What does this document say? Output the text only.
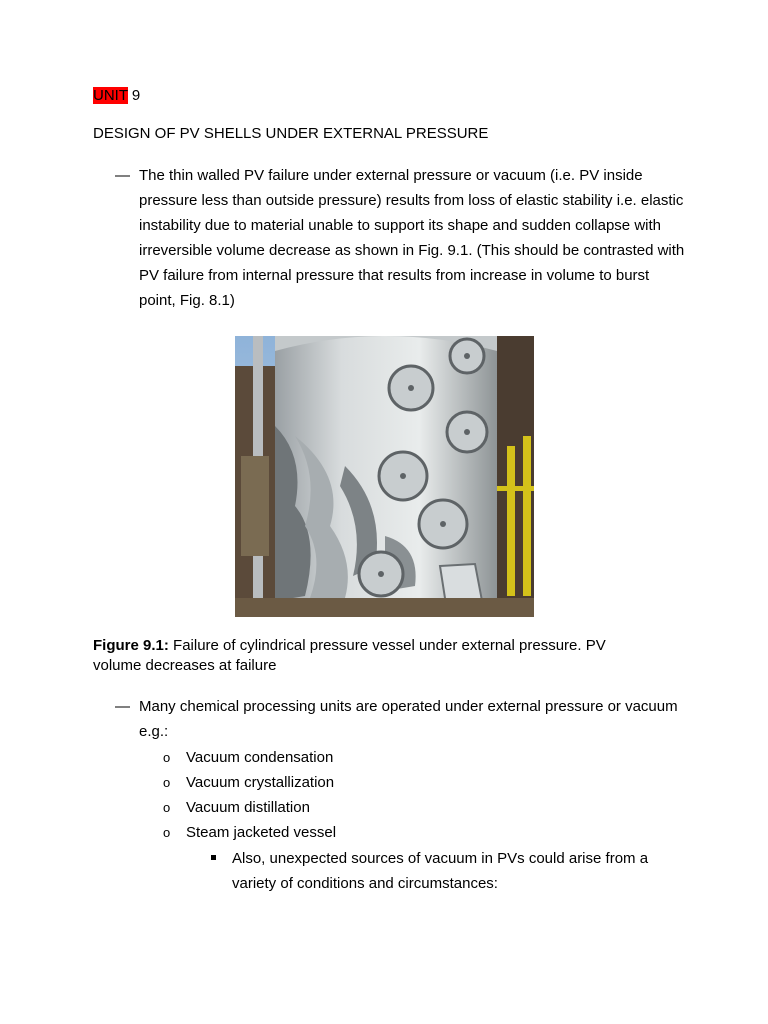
UNIT 9
DESIGN OF PV SHELLS UNDER EXTERNAL PRESSURE
— The thin walled PV failure under external pressure or vacuum (i.e. PV inside pressure less than outside pressure) results from loss of elastic stability i.e. elastic instability due to material unable to support its shape and sudden collapse with irreversible volume decrease as shown in Fig. 9.1. (This should be contrasted with PV failure from internal pressure that results from increase in volume to burst point, Fig. 8.1)
Figure 9.1: Failure of cylindrical pressure vessel under external pressure. PV volume decreases at failure
— Many chemical processing units are operated under external pressure or vacuum e.g.:
o Vacuum condensation
o Vacuum crystallization
o Vacuum distillation
o Steam jacketed vessel
Also, unexpected sources of vacuum in PVs could arise from a variety of conditions and circumstances:
